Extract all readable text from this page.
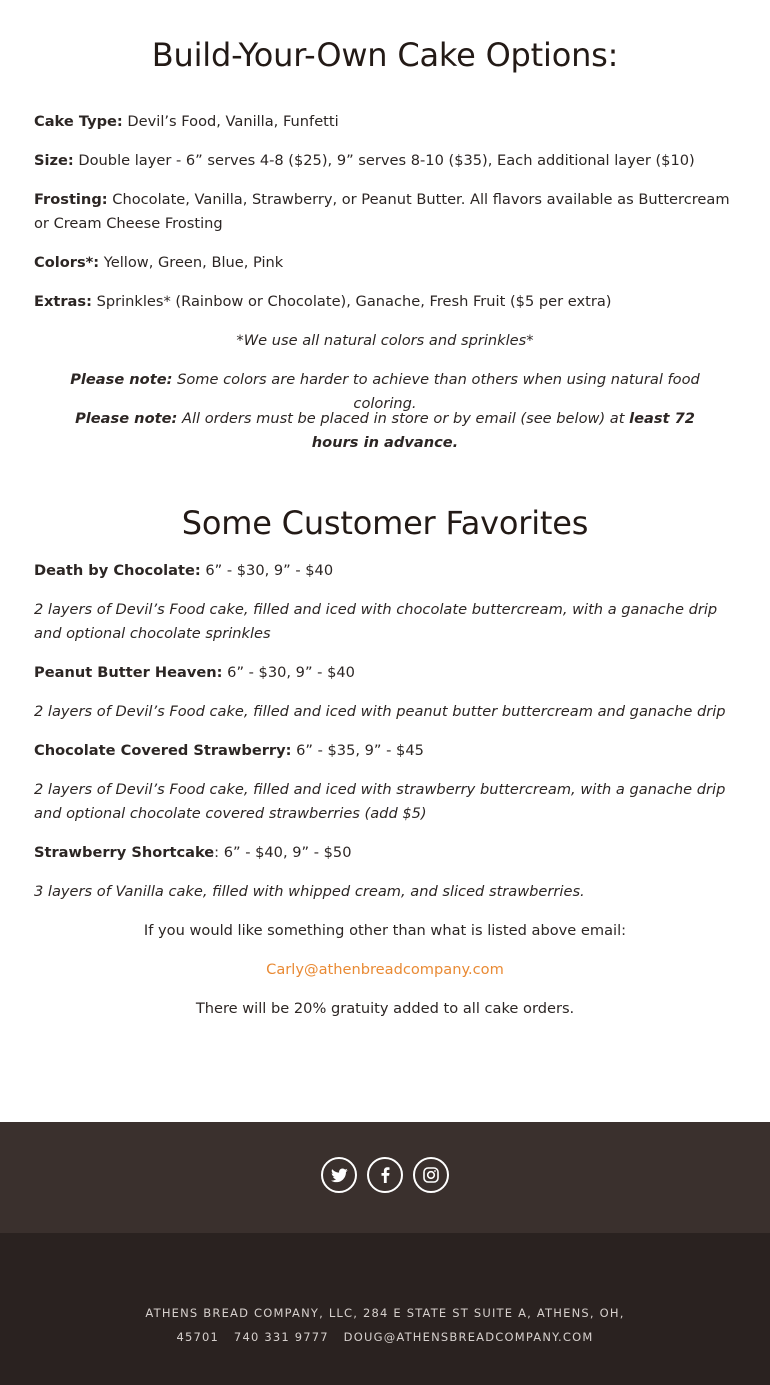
Build-Your-Own Cake Options:
Cake Type: Devil’s Food, Vanilla, Funfetti
Size: Double layer - 6” serves 4-8 ($25), 9” serves 8-10 ($35), Each additional layer ($10)
Frosting: Chocolate, Vanilla, Strawberry, or Peanut Butter. All flavors available as Buttercream or Cream Cheese Frosting
Colors*: Yellow, Green, Blue, Pink
Extras: Sprinkles* (Rainbow or Chocolate), Ganache, Fresh Fruit ($5 per extra)
*We use all natural colors and sprinkles*
Please note: Some colors are harder to achieve than others when using natural food coloring.
Please note: All orders must be placed in store or by email (see below) at least 72 hours in advance.
Some Customer Favorites
Death by Chocolate: 6” - $30, 9” - $40
2 layers of Devil’s Food cake, filled and iced with chocolate buttercream, with a ganache drip and optional chocolate sprinkles
Peanut Butter Heaven: 6” - $30, 9” - $40
2 layers of Devil’s Food cake, filled and iced with peanut butter buttercream and ganache drip
Chocolate Covered Strawberry: 6” - $35, 9” - $45
2 layers of Devil’s Food cake, filled and iced with strawberry buttercream, with a ganache drip and optional chocolate covered strawberries (add $5)
Strawberry Shortcake: 6” - $40, 9” - $50
3 layers of Vanilla cake, filled with whipped cream, and sliced strawberries.
If you would like something other than what is listed above email:
Carly@athenbreadcompany.com
There will be 20% gratuity added to all cake orders.
ATHENS BREAD COMPANY, LLC, 284 E STATE ST SUITE A, ATHENS, OH,
45701 740 331 9777 DOUG@ATHENSBREADCOMPANY.COM
